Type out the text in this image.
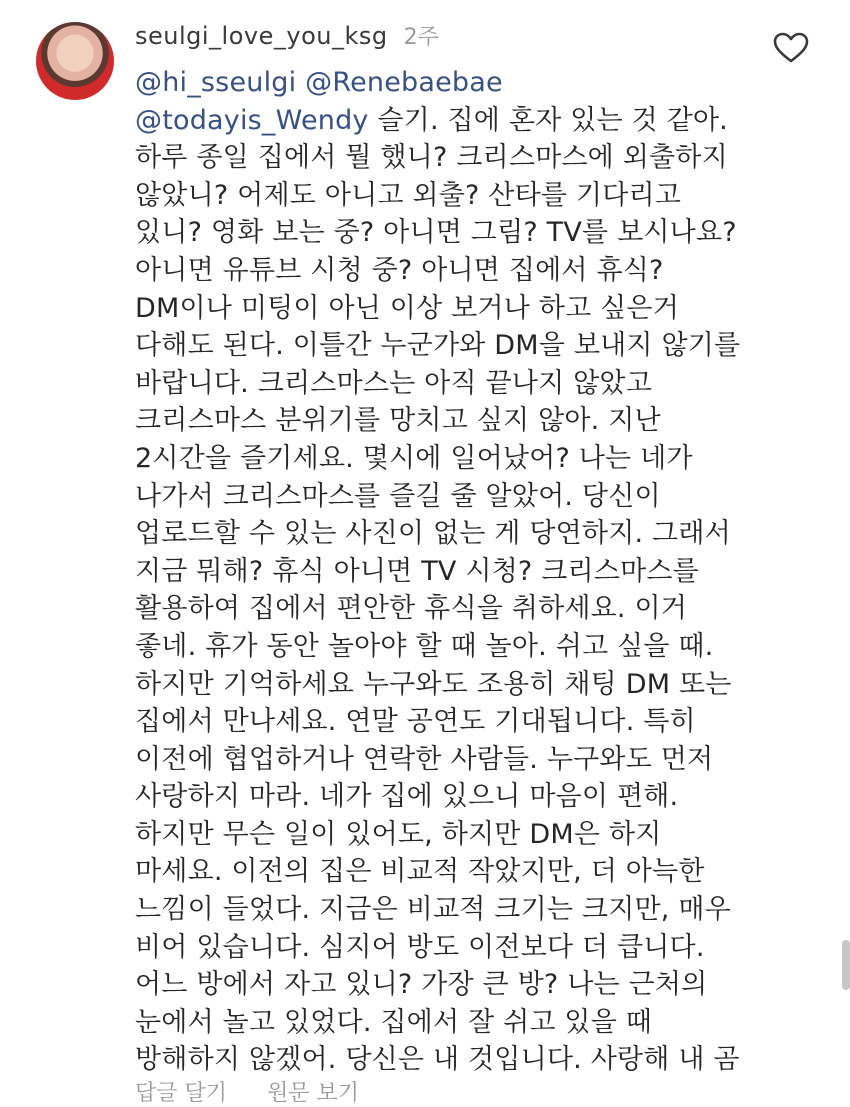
seulgi_love_you_ksg 2주
@hi_sseulgi @Renebaebae
@todayis_Wendy 슬기. 집에 혼자 있는 것 같아.
하루 종일 집에서 뭘 했니? 크리스마스에 외출하지
않았니? 어제도 아니고 외출? 산타를 기다리고
있니? 영화 보는 중? 아니면 그림? TV를 보시나요?
아니면 유튜브 시청 중? 아니면 집에서 휴식?
DM이나 미팅이 아닌 이상 보거나 하고 싶은거
다해도 된다. 이틀간 누군가와 DM을 보내지 않기를
바랍니다. 크리스마스는 아직 끝나지 않았고
크리스마스 분위기를 망치고 싶지 않아. 지난
2시간을 즐기세요. 몇시에 일어났어? 나는 네가
나가서 크리스마스를 즐길 줄 알았어. 당신이
업로드할 수 있는 사진이 없는 게 당연하지. 그래서
지금 뭐해? 휴식 아니면 TV 시청? 크리스마스를
활용하여 집에서 편안한 휴식을 취하세요. 이거
좋네. 휴가 동안 놀아야 할 때 놀아. 쉬고 싶을 때.
하지만 기억하세요 누구와도 조용히 채팅 DM 또는
집에서 만나세요. 연말 공연도 기대됩니다. 특히
이전에 협업하거나 연락한 사람들. 누구와도 먼저
사랑하지 마라. 네가 집에 있으니 마음이 편해.
하지만 무슨 일이 있어도, 하지만 DM은 하지
마세요. 이전의 집은 비교적 작았지만, 더 아늑한
느낌이 들었다. 지금은 비교적 크기는 크지만, 매우
비어 있습니다. 심지어 방도 이전보다 더 큽니다.
어느 방에서 자고 있니? 가장 큰 방? 나는 근처의
눈에서 놀고 있었다. 집에서 잘 쉬고 있을 때
방해하지 않겠어. 당신은 내 것입니다. 사랑해 내 곰
답글 달기 원문 보기
